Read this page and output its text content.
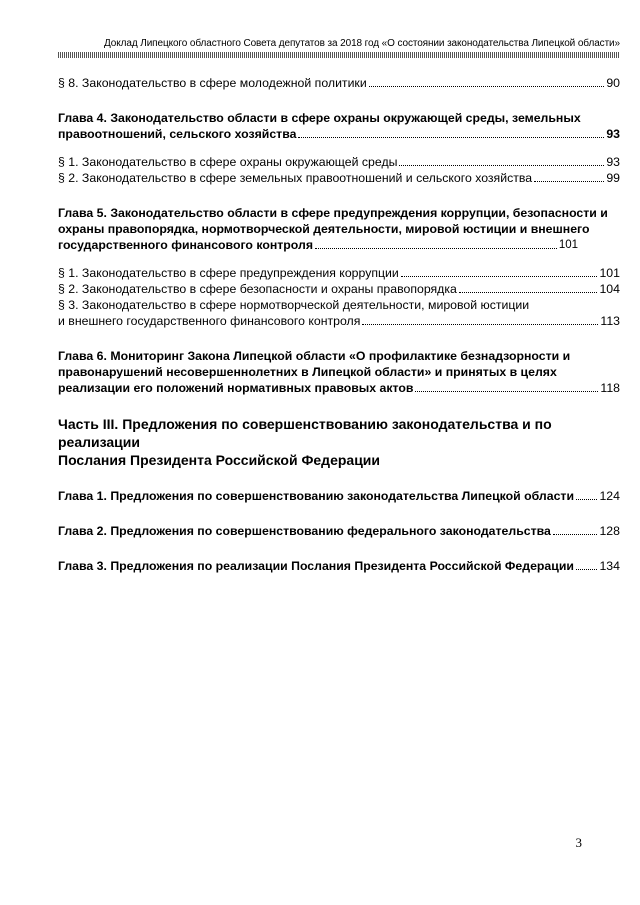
Доклад Липецкого областного Совета депутатов за 2018 год «О состоянии законодательства Липецкой области»
§ 8. Законодательство в сфере молодежной политики	90
Глава 4. Законодательство области в сфере охраны окружающей среды, земельных
правоотношений, сельского хозяйства	93
§ 1. Законодательство в сфере охраны окружающей среды	93
§ 2. Законодательство в сфере земельных правоотношений и сельского хозяйства	99
Глава 5. Законодательство области в сфере предупреждения коррупции, безопасности и
охраны правопорядка, нормотворческой деятельности, мировой юстиции и внешнего
государственного финансового контроля	101
§ 1. Законодательство в сфере предупреждения коррупции	101
§ 2. Законодательство в сфере безопасности и охраны правопорядка	104
§ 3. Законодательство в сфере нормотворческой деятельности, мировой юстиции
и внешнего государственного финансового контроля	113
Глава 6. Мониторинг Закона Липецкой области «О профилактике безнадзорности и
правонарушений несовершеннолетних в Липецкой области» и принятых в целях
реализации его положений нормативных правовых актов	118
Часть III. Предложения по совершенствованию законодательства и по реализации
Послания Президента Российской Федерации
Глава 1. Предложения по совершенствованию законодательства Липецкой области 124
Глава 2. Предложения по совершенствованию федерального законодательства	128
Глава 3. Предложения по реализации Послания Президента Российской Федерации 134
3
